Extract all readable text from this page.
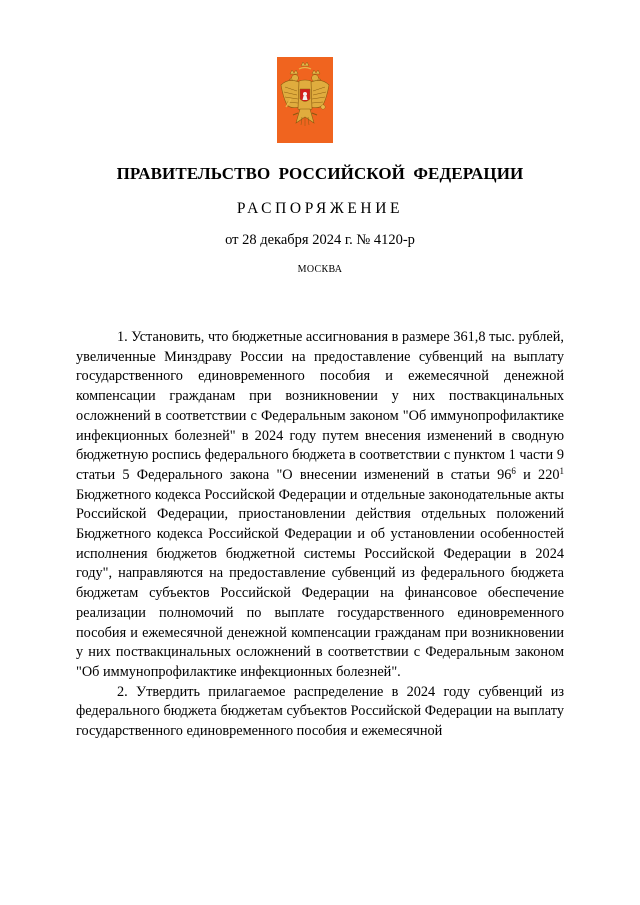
ПРАВИТЕЛЬСТВО РОССИЙСКОЙ ФЕДЕРАЦИИ
РАСПОРЯЖЕНИЕ
от 28 декабря 2024 г. № 4120-р
МОСКВА

1. Установить, что бюджетные ассигнования в размере 361,8 тыс. рублей, увеличенные Минздраву России на предоставление субвенций на выплату государственного единовременного пособия и ежемесячной денежной компенсации гражданам при возникновении у них поствакцинальных осложнений в соответствии с Федеральным законом "Об иммунопрофилактике инфекционных болезней" в 2024 году путем внесения изменений в сводную бюджетную роспись федерального бюджета в соответствии с пунктом 1 части 9 статьи 5 Федерального закона "О внесении изменений в статьи $96^6$ и $220^1$ Бюджетного кодекса Российской Федерации и отдельные законодательные акты Российской Федерации, приостановлении действия отдельных положений Бюджетного кодекса Российской Федерации и об установлении особенностей исполнения бюджетов бюджетной системы Российской Федерации в 2024 году", направляются на предоставление субвенций из федерального бюджета бюджетам субъектов Российской Федерации на финансовое обеспечение реализации полномочий по выплате государственного единовременного пособия и ежемесячной денежной компенсации гражданам при возникновении у них поствакцинальных осложнений в соответствии с Федеральным законом "Об иммунопрофилактике инфекционных болезней".

2. Утвердить прилагаемое распределение в 2024 году субвенций из федерального бюджета бюджетам субъектов Российской Федерации на выплату государственного единовременного пособия и ежемесячной
